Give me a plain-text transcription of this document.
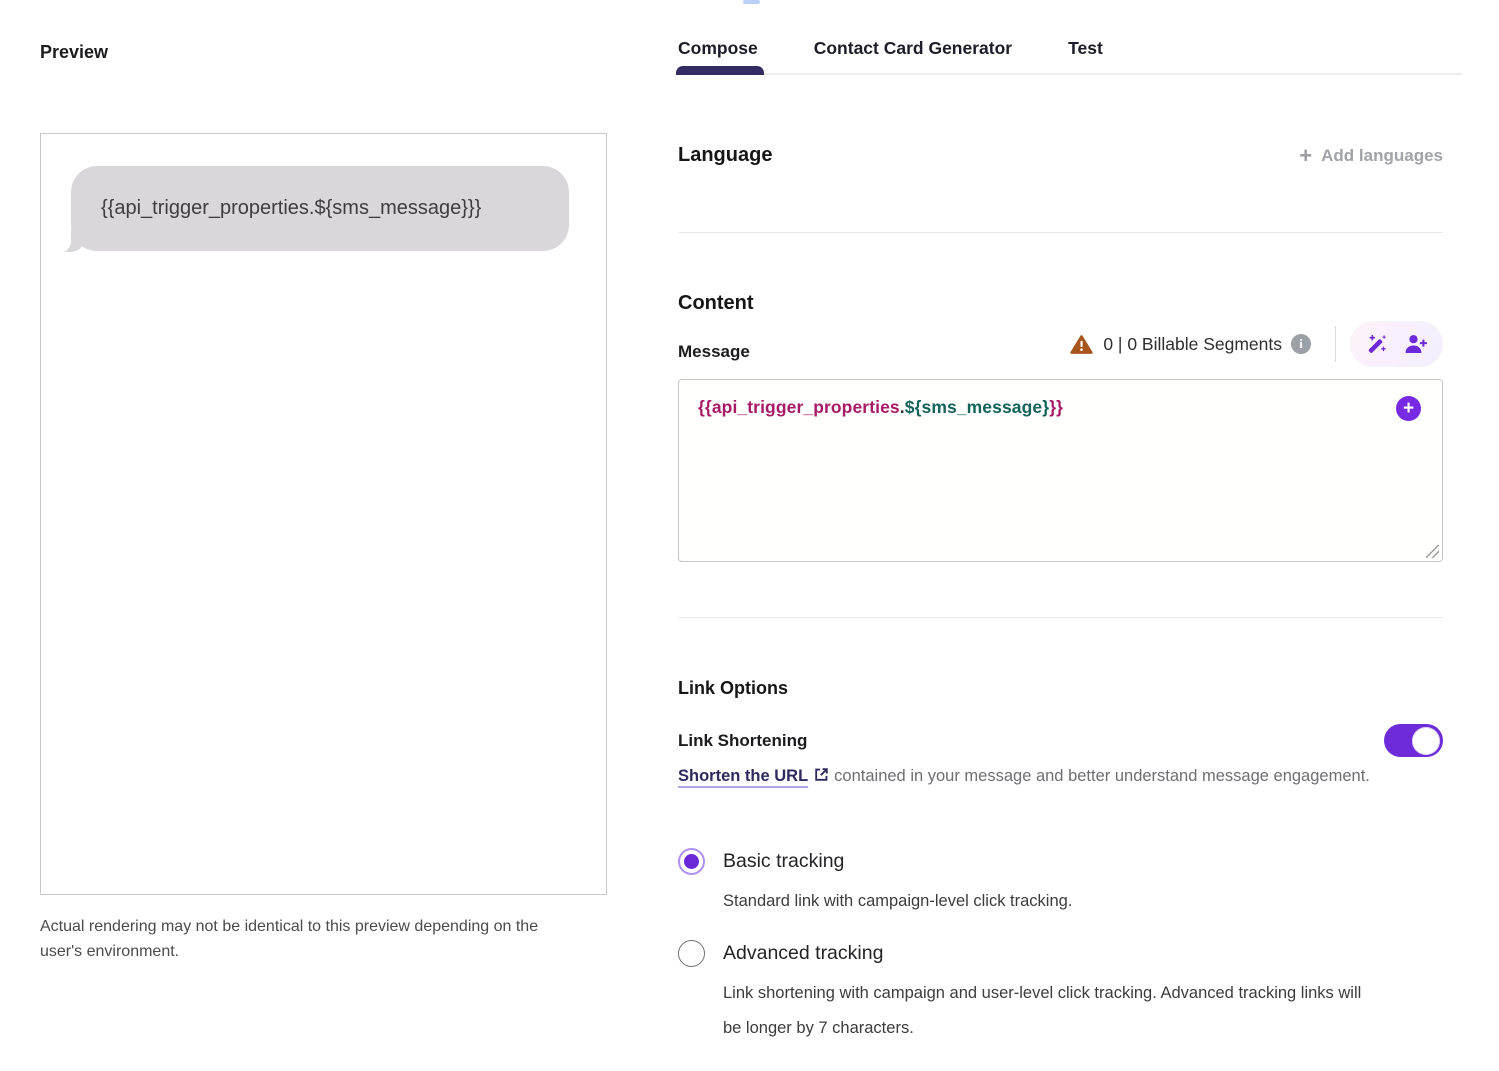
Preview
{{api_trigger_properties.${sms_message}}}
Actual rendering may not be identical to this preview depending on the user's environment.
Compose	Contact Card Generator	Test
Language	+ Add languages
Content
Message	0 | 0 Billable Segments	i
{{api_trigger_properties.${sms_message}}}	+
Link Options
Link Shortening
Shorten the URL contained in your message and better understand message engagement.
Basic tracking
Standard link with campaign-level click tracking.
Advanced tracking
Link shortening with campaign and user-level click tracking. Advanced tracking links will be longer by 7 characters.
